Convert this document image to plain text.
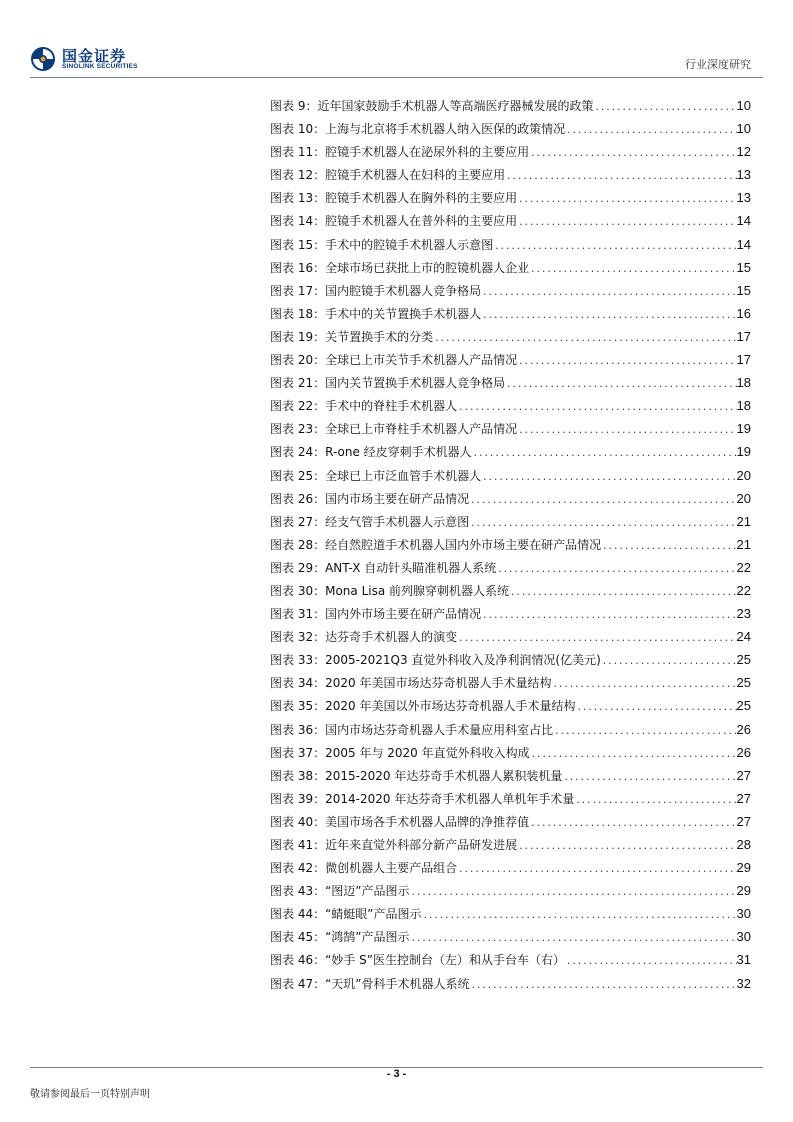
国金证券
SINOLINK SECURITIES	行业深度研究
图表 9： 近年国家鼓励手术机器人等高端医疗器械发展的政策 .....	10
图表 10： 上海与北京将手术机器人纳入医保的政策情况 .....	10
图表 11： 腔镜手术机器人在泌尿外科的主要应用 .....	12
图表 12： 腔镜手术机器人在妇科的主要应用 .....	13
图表 13： 腔镜手术机器人在胸外科的主要应用 .....	13
图表 14： 腔镜手术机器人在普外科的主要应用 .....	14
图表 15： 手术中的腔镜手术机器人示意图 .....	14
图表 16： 全球市场已获批上市的腔镜机器人企业 .....	15
图表 17： 国内腔镜手术机器人竞争格局 .....	15
图表 18： 手术中的关节置换手术机器人 .....	16
图表 19： 关节置换手术的分类 .....	17
图表 20： 全球已上市关节手术机器人产品情况 .....	17
图表 21： 国内关节置换手术机器人竞争格局 .....	18
图表 22： 手术中的脊柱手术机器人 .....	18
图表 23： 全球已上市脊柱手术机器人产品情况 .....	19
图表 24： R-one 经皮穿刺手术机器人 .....	19
图表 25： 全球已上市泛血管手术机器人 .....	20
图表 26： 国内市场主要在研产品情况 .....	20
图表 27： 经支气管手术机器人示意图 .....	21
图表 28： 经自然腔道手术机器人国内外市场主要在研产品情况 .....	21
图表 29： ANT-X 自动针头瞄准机器人系统 .....	22
图表 30： Mona Lisa 前列腺穿刺机器人系统 .....	22
图表 31： 国内外市场主要在研产品情况 .....	23
图表 32： 达芬奇手术机器人的演变 .....	24
图表 33： 2005-2021Q3 直觉外科收入及净利润情况(亿美元) .....	25
图表 34： 2020 年美国市场达芬奇机器人手术量结构 .....	25
图表 35： 2020 年美国以外市场达芬奇机器人手术量结构 .....	25
图表 36： 国内市场达芬奇机器人手术量应用科室占比 .....	26
图表 37： 2005 年与 2020 年直觉外科收入构成 .....	26
图表 38： 2015-2020 年达芬奇手术机器人累积装机量 .....	27
图表 39： 2014-2020 年达芬奇手术机器人单机年手术量 .....	27
图表 40： 美国市场各手术机器人品牌的净推荐值 .....	27
图表 41： 近年来直觉外科部分新产品研发进展 .....	28
图表 42： 微创机器人主要产品组合 .....	29
图表 43： “图迈”产品图示 .....	29
图表 44： “蜻蜓眼”产品图示 .....	30
图表 45： “鸿鹄”产品图示 .....	30
图表 46： “妙手 S”医生控制台（左）和从手台车（右） .....	31
图表 47： “天玑”骨科手术机器人系统 .....	32
- 3 -
敬请参阅最后一页特别声明
